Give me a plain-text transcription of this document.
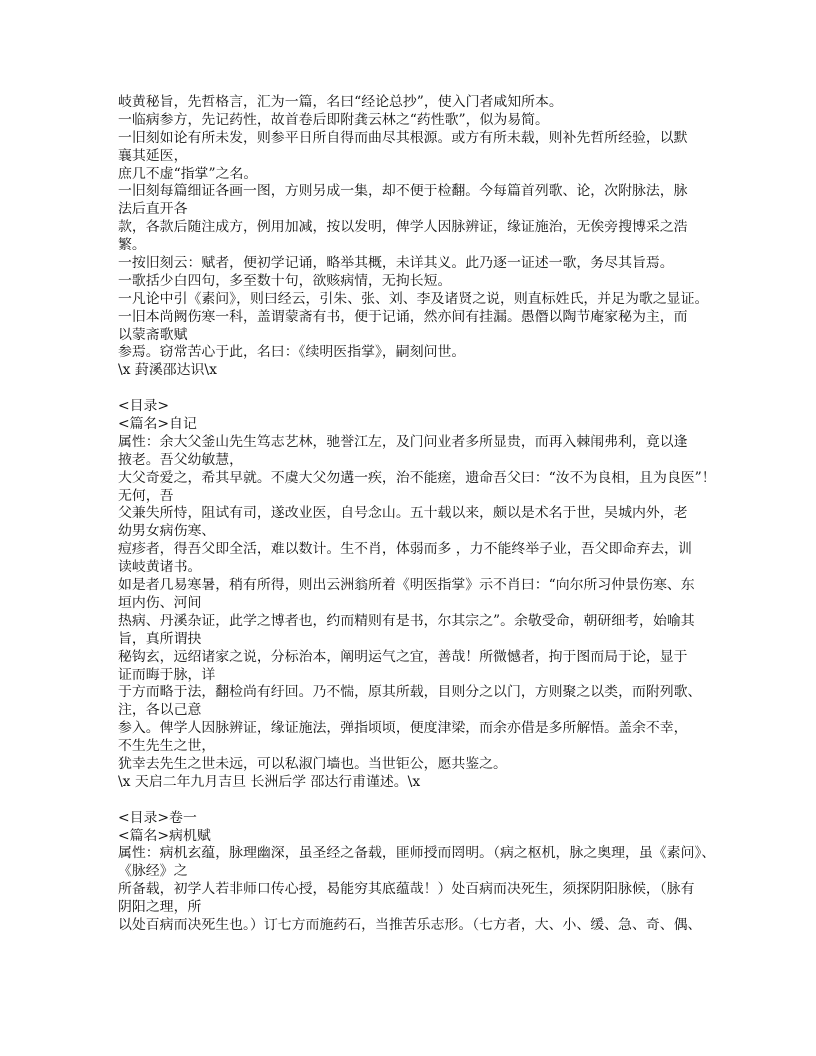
岐黄秘旨，先哲格言，汇为一篇，名曰“经论总抄”，使入门者咸知所本。
一临病参方，先记药性，故首卷后即附龚云林之“药性歌”，似为易简。
一旧刻如论有所未发，则参平日所自得而曲尽其根源。或方有所未载，则补先哲所经验，以默
襄其延医，
庶几不虚“指掌”之名。
一旧刻每篇细证各画一图，方则另成一集，却不便于检翻。今每篇首列歌、论，次附脉法，脉
法后直开各
款，各款后随注成方，例用加减，按以发明，俾学人因脉辨证，缘证施治，无俟旁搜博采之浩
繁。
一按旧刻云：赋者，便初学记诵，略举其概，未详其义。此乃逐一证述一歌，务尽其旨焉。
一歌括少白四句，多至数十句，欲赅病情，无拘长短。
一凡论中引《素问》，则曰经云，引朱、张、刘、李及诸贤之说，则直标姓氏，并足为歌之显证。
一旧本尚阙伤寒一科，盖谓蒙斋有书，便于记诵，然亦间有挂漏。愚僭以陶节庵家秘为主，而
以蒙斋歌赋
参焉。窃常苦心于此，名曰：《续明医指掌》，嗣刻问世。
\x 葑溪邵达识\x
<目录>
<篇名>自记
属性：余大父釜山先生笃志艺林，驰誉江左，及门问业者多所显贵，而再入棘闱弗利，竟以逢
掖老。吾父幼敏慧，
大父奇爱之，希其早就。不虞大父勿遘一疾，治不能瘥，遗命吾父曰：“汝不为良相，且为良医”！
无何，吾
父兼失所恃，阻试有司，遂改业医，自号念山。五十载以来，颇以是术名于世，吴城内外，老
幼男女病伤寒、
痘疹者，得吾父即全活，难以数计。生不肖，体弱而多 ，力不能终举子业，吾父即命弃去，训
读岐黄诸书。
如是者几易寒暑，稍有所得，则出云洲翁所着《明医指掌》示不肖曰：“向尔所习仲景伤寒、东
垣内伤、河间
热病、丹溪杂证，此学之博者也，约而精则有是书，尔其宗之”。余敬受命，朝研细考，始喻其
旨，真所谓抉
秘钩玄，远绍诸家之说，分标治本，阐明运气之宜，善哉！所微憾者，拘于图而局于论，显于
证而晦于脉，详
于方而略于法，翻检尚有纡回。乃不惴，原其所载，目则分之以门，方则聚之以类，而附列歌、
注，各以己意
参入。俾学人因脉辨证，缘证施法，弹指顷顷，便度津梁，而余亦借是多所解悟。盖余不幸，
不生先生之世，
犹幸去先生之世未远，可以私淑门墙也。当世钜公，愿共鉴之。
\x 天启二年九月吉旦 长洲后学 邵达行甫谨述。\x
<目录>卷一
<篇名>病机赋
属性：病机玄蕴，脉理幽深，虽圣经之备载，匪师授而罔明。（病之枢机，脉之奥理，虽《素问》、
《脉经》之
所备载，初学人若非师口传心授，曷能穷其底蕴哉！）处百病而决死生，须探阴阳脉候，（脉有
阴阳之理，所
以处百病而决死生也。）订七方而施药石，当推苦乐志形。（七方者，大、小、缓、急、奇、偶、
